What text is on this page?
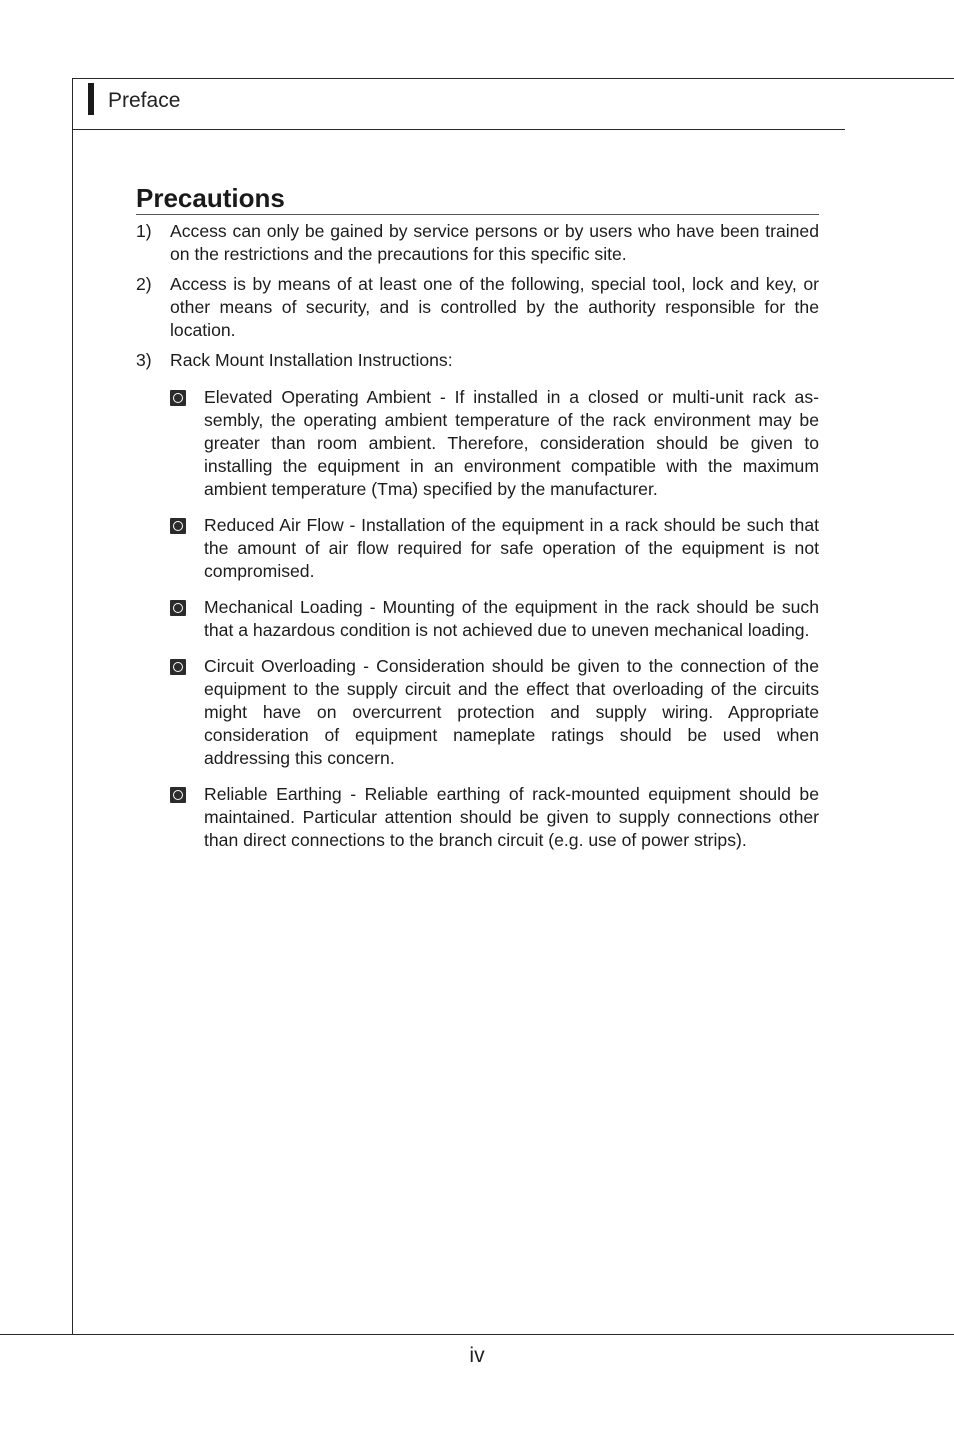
Preface
Precautions
1)	Access can only be gained by service persons or by users who have been trained on the restrictions and the precautions for this specific site.
2)	Access is by means of at least one of the following, special tool, lock and key, or other means of security, and is controlled by the authority responsible for the location.
3)	Rack Mount Installation Instructions:
Elevated Operating Ambient - If installed in a closed or multi-unit rack assembly, the operating ambient temperature of the rack environment may be greater than room ambient. Therefore, consideration should be given to installing the equipment in an environment compatible with the maximum ambient temperature (Tma) specified by the manufacturer.
Reduced Air Flow - Installation of the equipment in a rack should be such that the amount of air flow required for safe operation of the equipment is not compromised.
Mechanical Loading - Mounting of the equipment in the rack should be such that a hazardous condition is not achieved due to uneven mechanical loading.
Circuit Overloading - Consideration should be given to the connection of the equipment to the supply circuit and the effect that overloading of the circuits might have on overcurrent protection and supply wiring. Appropriate consideration of equipment nameplate ratings should be used when addressing this concern.
Reliable Earthing - Reliable earthing of rack-mounted equipment should be maintained. Particular attention should be given to supply connections other than direct connections to the branch circuit (e.g. use of power strips).
iv
